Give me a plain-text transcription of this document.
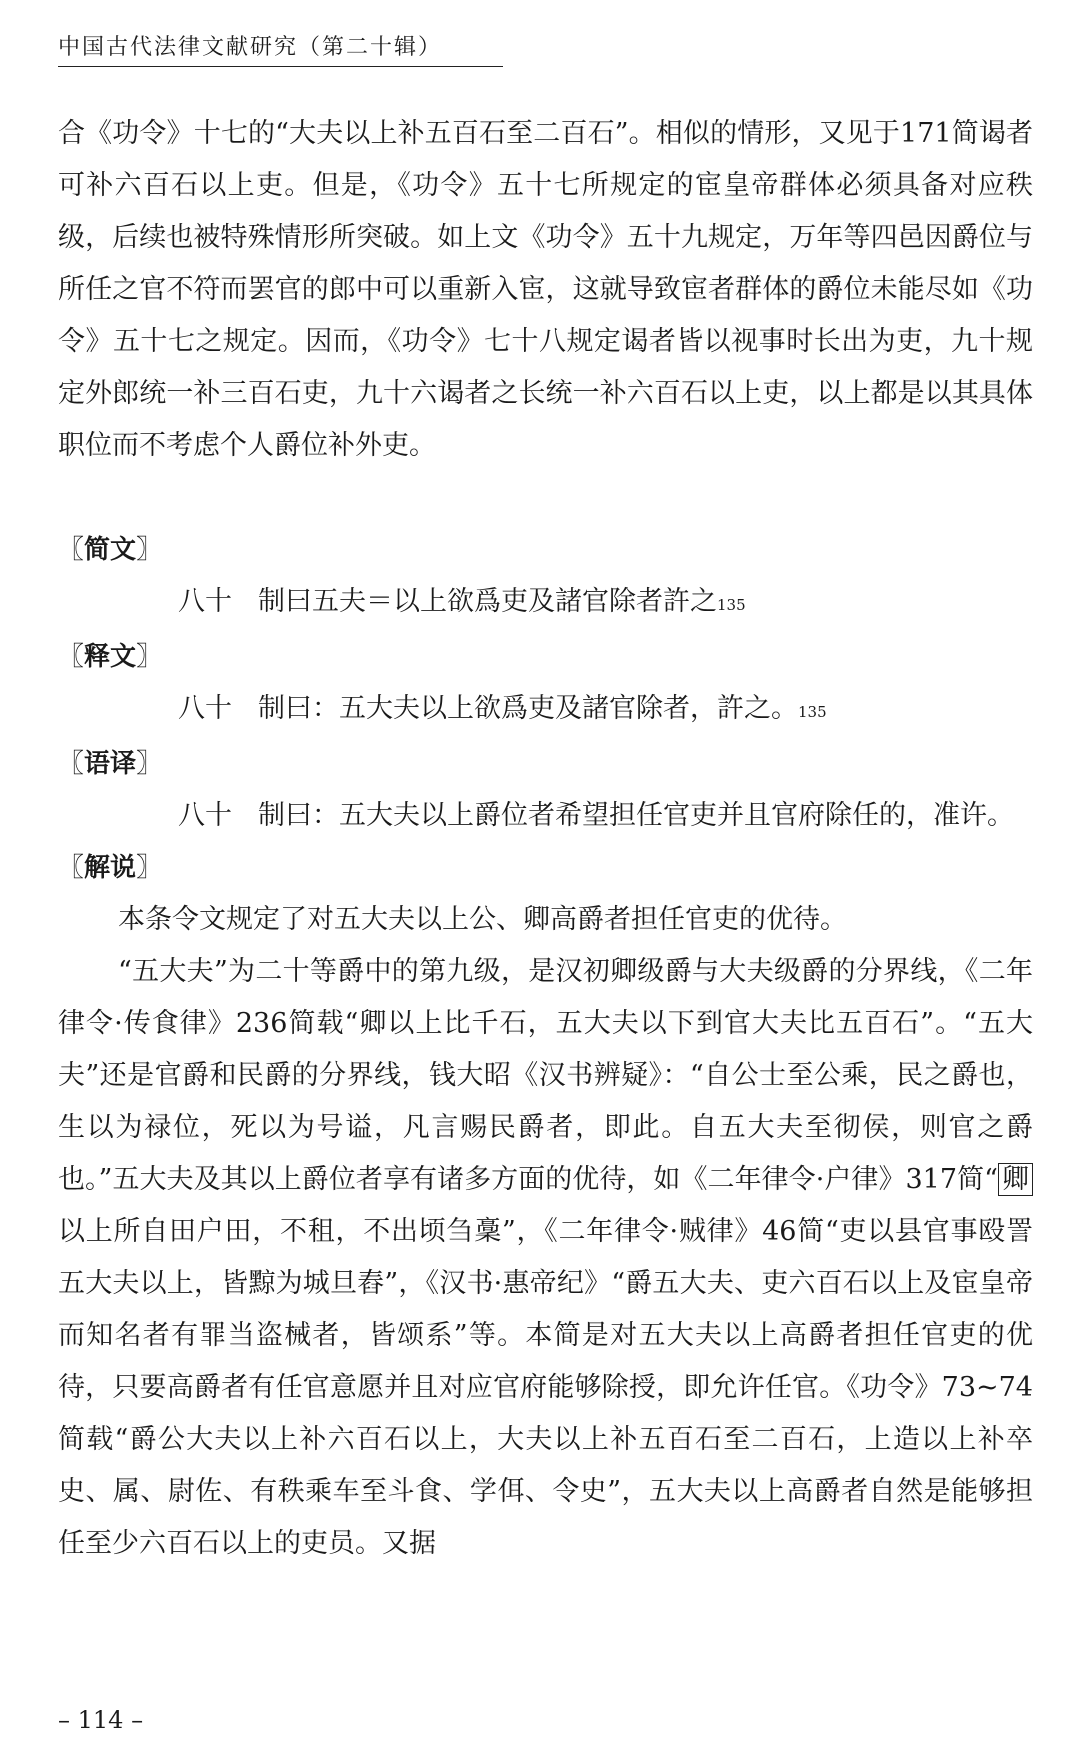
中国古代法律文献研究（第二十辑）

合《功令》十七的“大夫以上补五百石至二百石”。相似的情形，又见于171简谒者可补六百石以上吏。但是，《功令》五十七所规定的宦皇帝群体必须具备对应秩级，后续也被特殊情形所突破。如上文《功令》五十九规定，万年等四邑因爵位与所任之官不符而罢官的郎中可以重新入宦，这就导致宦者群体的爵位未能尽如《功令》五十七之规定。因而，《功令》七十八规定谒者皆以视事时长出为吏，九十规定外郎统一补三百石吏，九十六谒者之长统一补六百石以上吏，以上都是以其具体职位而不考虑个人爵位补外吏。

〖简文〗

八十 制曰五夫＝以上欲爲吏及諸官除者許之135

〖释文〗

八十 制曰：五大夫以上欲爲吏及諸官除者，許之。135

〖语译〗

八十 制曰：五大夫以上爵位者希望担任官吏并且官府除任的，准许。

〖解说〗

本条令文规定了对五大夫以上公、卿高爵者担任官吏的优待。

“五大夫”为二十等爵中的第九级，是汉初卿级爵与大夫级爵的分界线，《二年律令·传食律》236简载“卿以上比千石，五大夫以下到官大夫比五百石”。“五大夫”还是官爵和民爵的分界线，钱大昭《汉书辨疑》：“自公士至公乘，民之爵也，生以为禄位，死以为号谥，凡言赐民爵者，即此。自五大夫至彻侯，则官之爵也。”五大夫及其以上爵位者享有诸多方面的优待，如《二年律令·户律》317简“ 卿以上所自田户田，不租，不出顷刍稾”，《二年律令·贼律》46简“吏以县官事殴詈五大夫以上，皆黥为城旦舂”，《汉书·惠帝纪》“爵五大夫、吏六百石以上及宦皇帝而知名者有罪当盗械者，皆颂系”等。本简是对五大夫以上高爵者担任官吏的优待，只要高爵者有任官意愿并且对应官府能够除授，即允许任官。《功令》73~74简载“爵公大夫以上补六百石以上，大夫以上补五百石至二百石，上造以上补卒史、属、尉佐、有秩乘车至斗食、学佴、令史”，五大夫以上高爵者自然是能够担任至少六百石以上的吏员。又据

– 114 –
